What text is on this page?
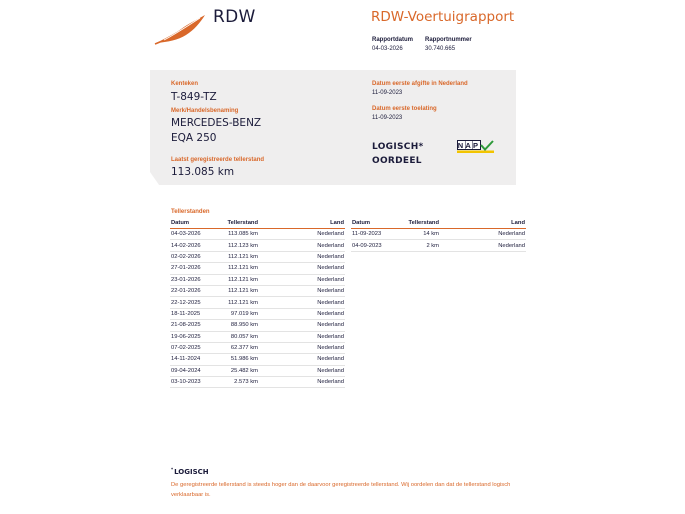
RDW	RDW-Voertuigrapport
Rapportdatum
04-03-2026
Rapportnummer
30.740.665
Kenteken
T-849-TZ
Merk/Handelsbenaming
MERCEDES-BENZ
EQA 250
Laatst geregistreerde tellerstand
113.085 km
Datum eerste afgifte in Nederland
11-09-2023
Datum eerste toelating
11-09-2023
LOGISCH*
OORDEEL
NAP
Tellerstanden
Datum	Tellerstand	Land
04-03-2026	113.085 km	Nederland
14-02-2026	112.123 km	Nederland
02-02-2026	112.121 km	Nederland
27-01-2026	112.121 km	Nederland
23-01-2026	112.121 km	Nederland
22-01-2026	112.121 km	Nederland
22-12-2025	112.121 km	Nederland
18-11-2025	97.019 km	Nederland
21-08-2025	88.950 km	Nederland
19-06-2025	80.057 km	Nederland
07-02-2025	62.377 km	Nederland
14-11-2024	51.986 km	Nederland
09-04-2024	25.482 km	Nederland
03-10-2023	2.573 km	Nederland
Datum	Tellerstand	Land
11-09-2023	14 km	Nederland
04-09-2023	2 km	Nederland
*LOGISCH
De geregistreerde tellerstand is steeds hoger dan de daarvoor geregistreerde tellerstand. Wij oordelen dan dat de tellerstand logisch verklaarbaar is.
